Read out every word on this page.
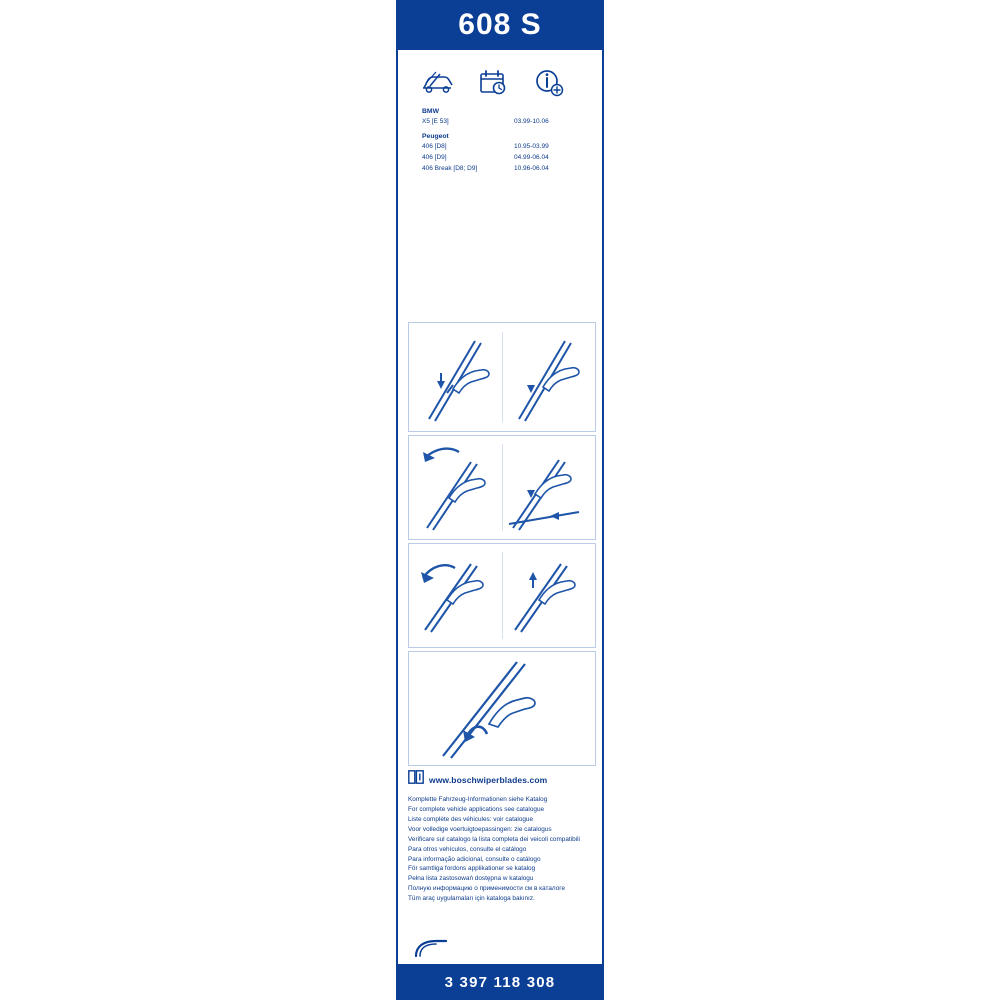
608 S
BMW
X5 [E 53]	03.99-10.06
Peugeot
406 [D8]	10.95-03.99
406 [D9]	04.99-06.04
406 Break [D8; D9]	10.96-06.04
www.boschwiperblades.com
Komplette Fahrzeug-Informationen siehe Katalog
For complete vehicle applications see catalogue
Liste complète des véhicules: voir catalogue
Voor volledige voertuigtoepassingen: zie catalogus
Verificare sul catalogo la lista completa dei veicoli compatibili
Para otros vehículos, consulte el catálogo
Para informação adicional, consulte o catálogo
För samtliga fordons applikationer se katalog
Pełna lista zastosowań dostępna w katalogu
Полную информацию о применимости см в каталоге
Tüm araç uygulamaları için kataloga bakınız.
3 397 118 308
